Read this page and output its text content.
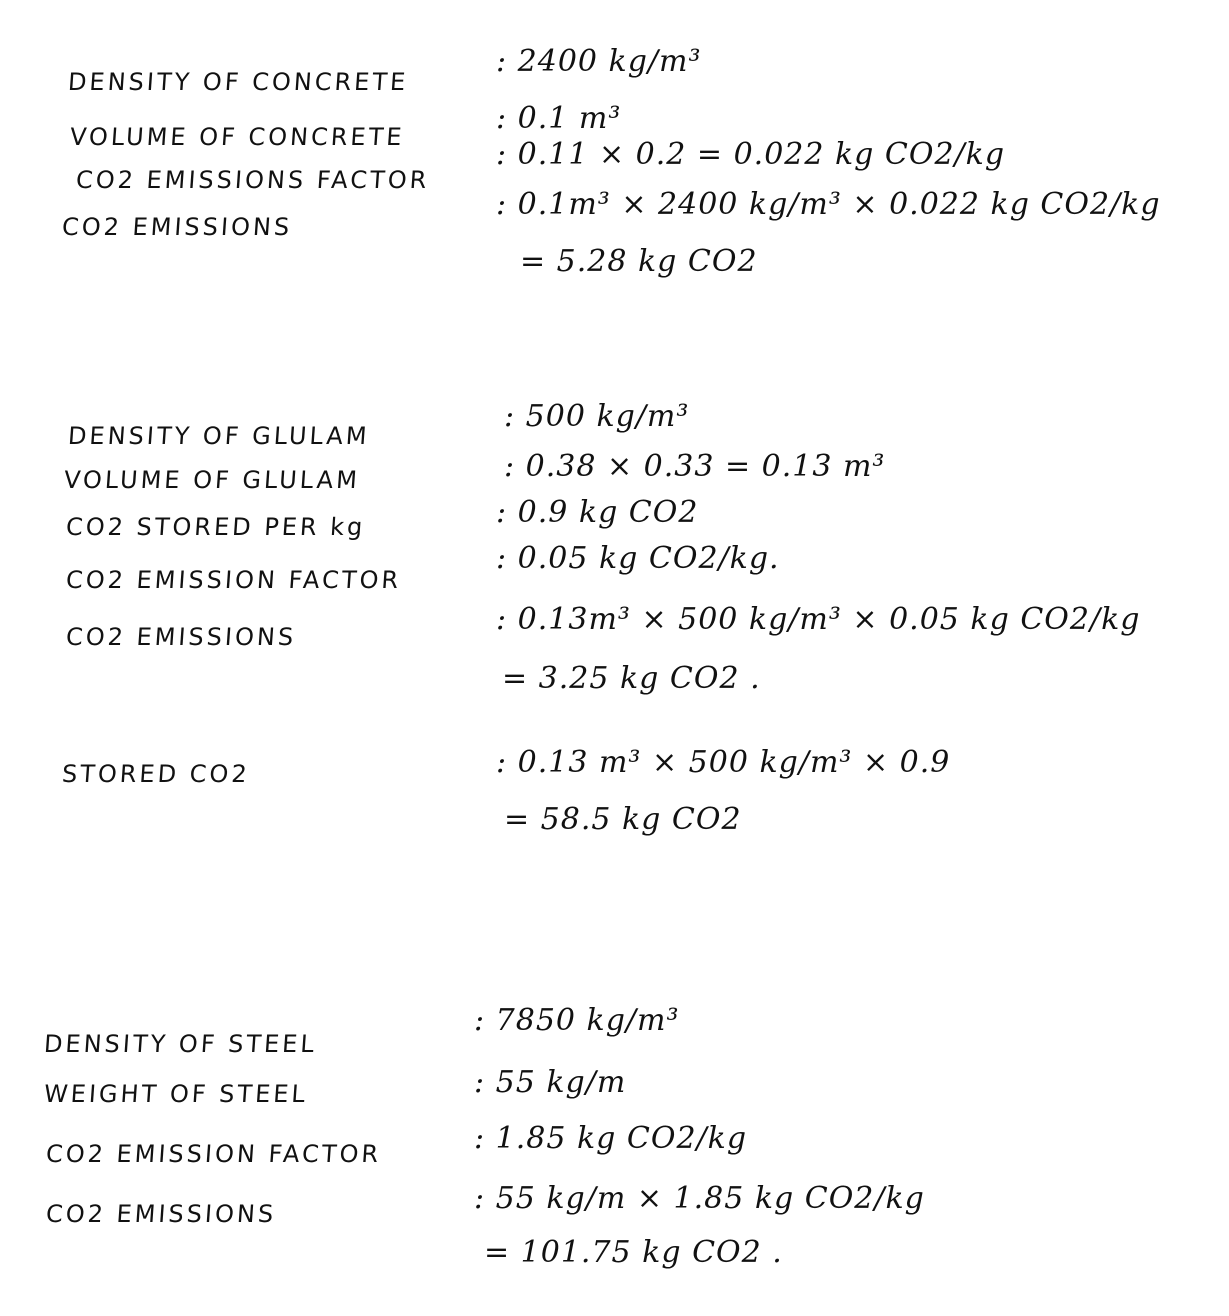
DENSITY OF CONCRETE
VOLUME OF CONCRETE
CO2 EMISSIONS FACTOR
CO2 EMISSIONS
: 2400 kg/m³
: 0.1 m³
: 0.11 × 0.2 = 0.022 kg CO2/kg
: 0.1m³ × 2400 kg/m³ × 0.022 kg CO2/kg
= 5.28 kg CO2
DENSITY OF GLULAM
VOLUME OF GLULAM
CO2 STORED PER kg
CO2 EMISSION FACTOR
CO2 EMISSIONS
STORED CO2
: 500 kg/m³
: 0.38 × 0.33 = 0.13 m³
: 0.9 kg CO2
: 0.05 kg CO2/kg.
: 0.13m³ × 500 kg/m³ × 0.05 kg CO2/kg
= 3.25 kg CO2 .
: 0.13 m³ × 500 kg/m³ × 0.9
= 58.5 kg CO2
DENSITY OF STEEL
WEIGHT OF STEEL
CO2 EMISSION FACTOR
CO2 EMISSIONS
: 7850 kg/m³
: 55 kg/m
: 1.85 kg CO2/kg
: 55 kg/m × 1.85 kg CO2/kg
= 101.75 kg CO2 .
